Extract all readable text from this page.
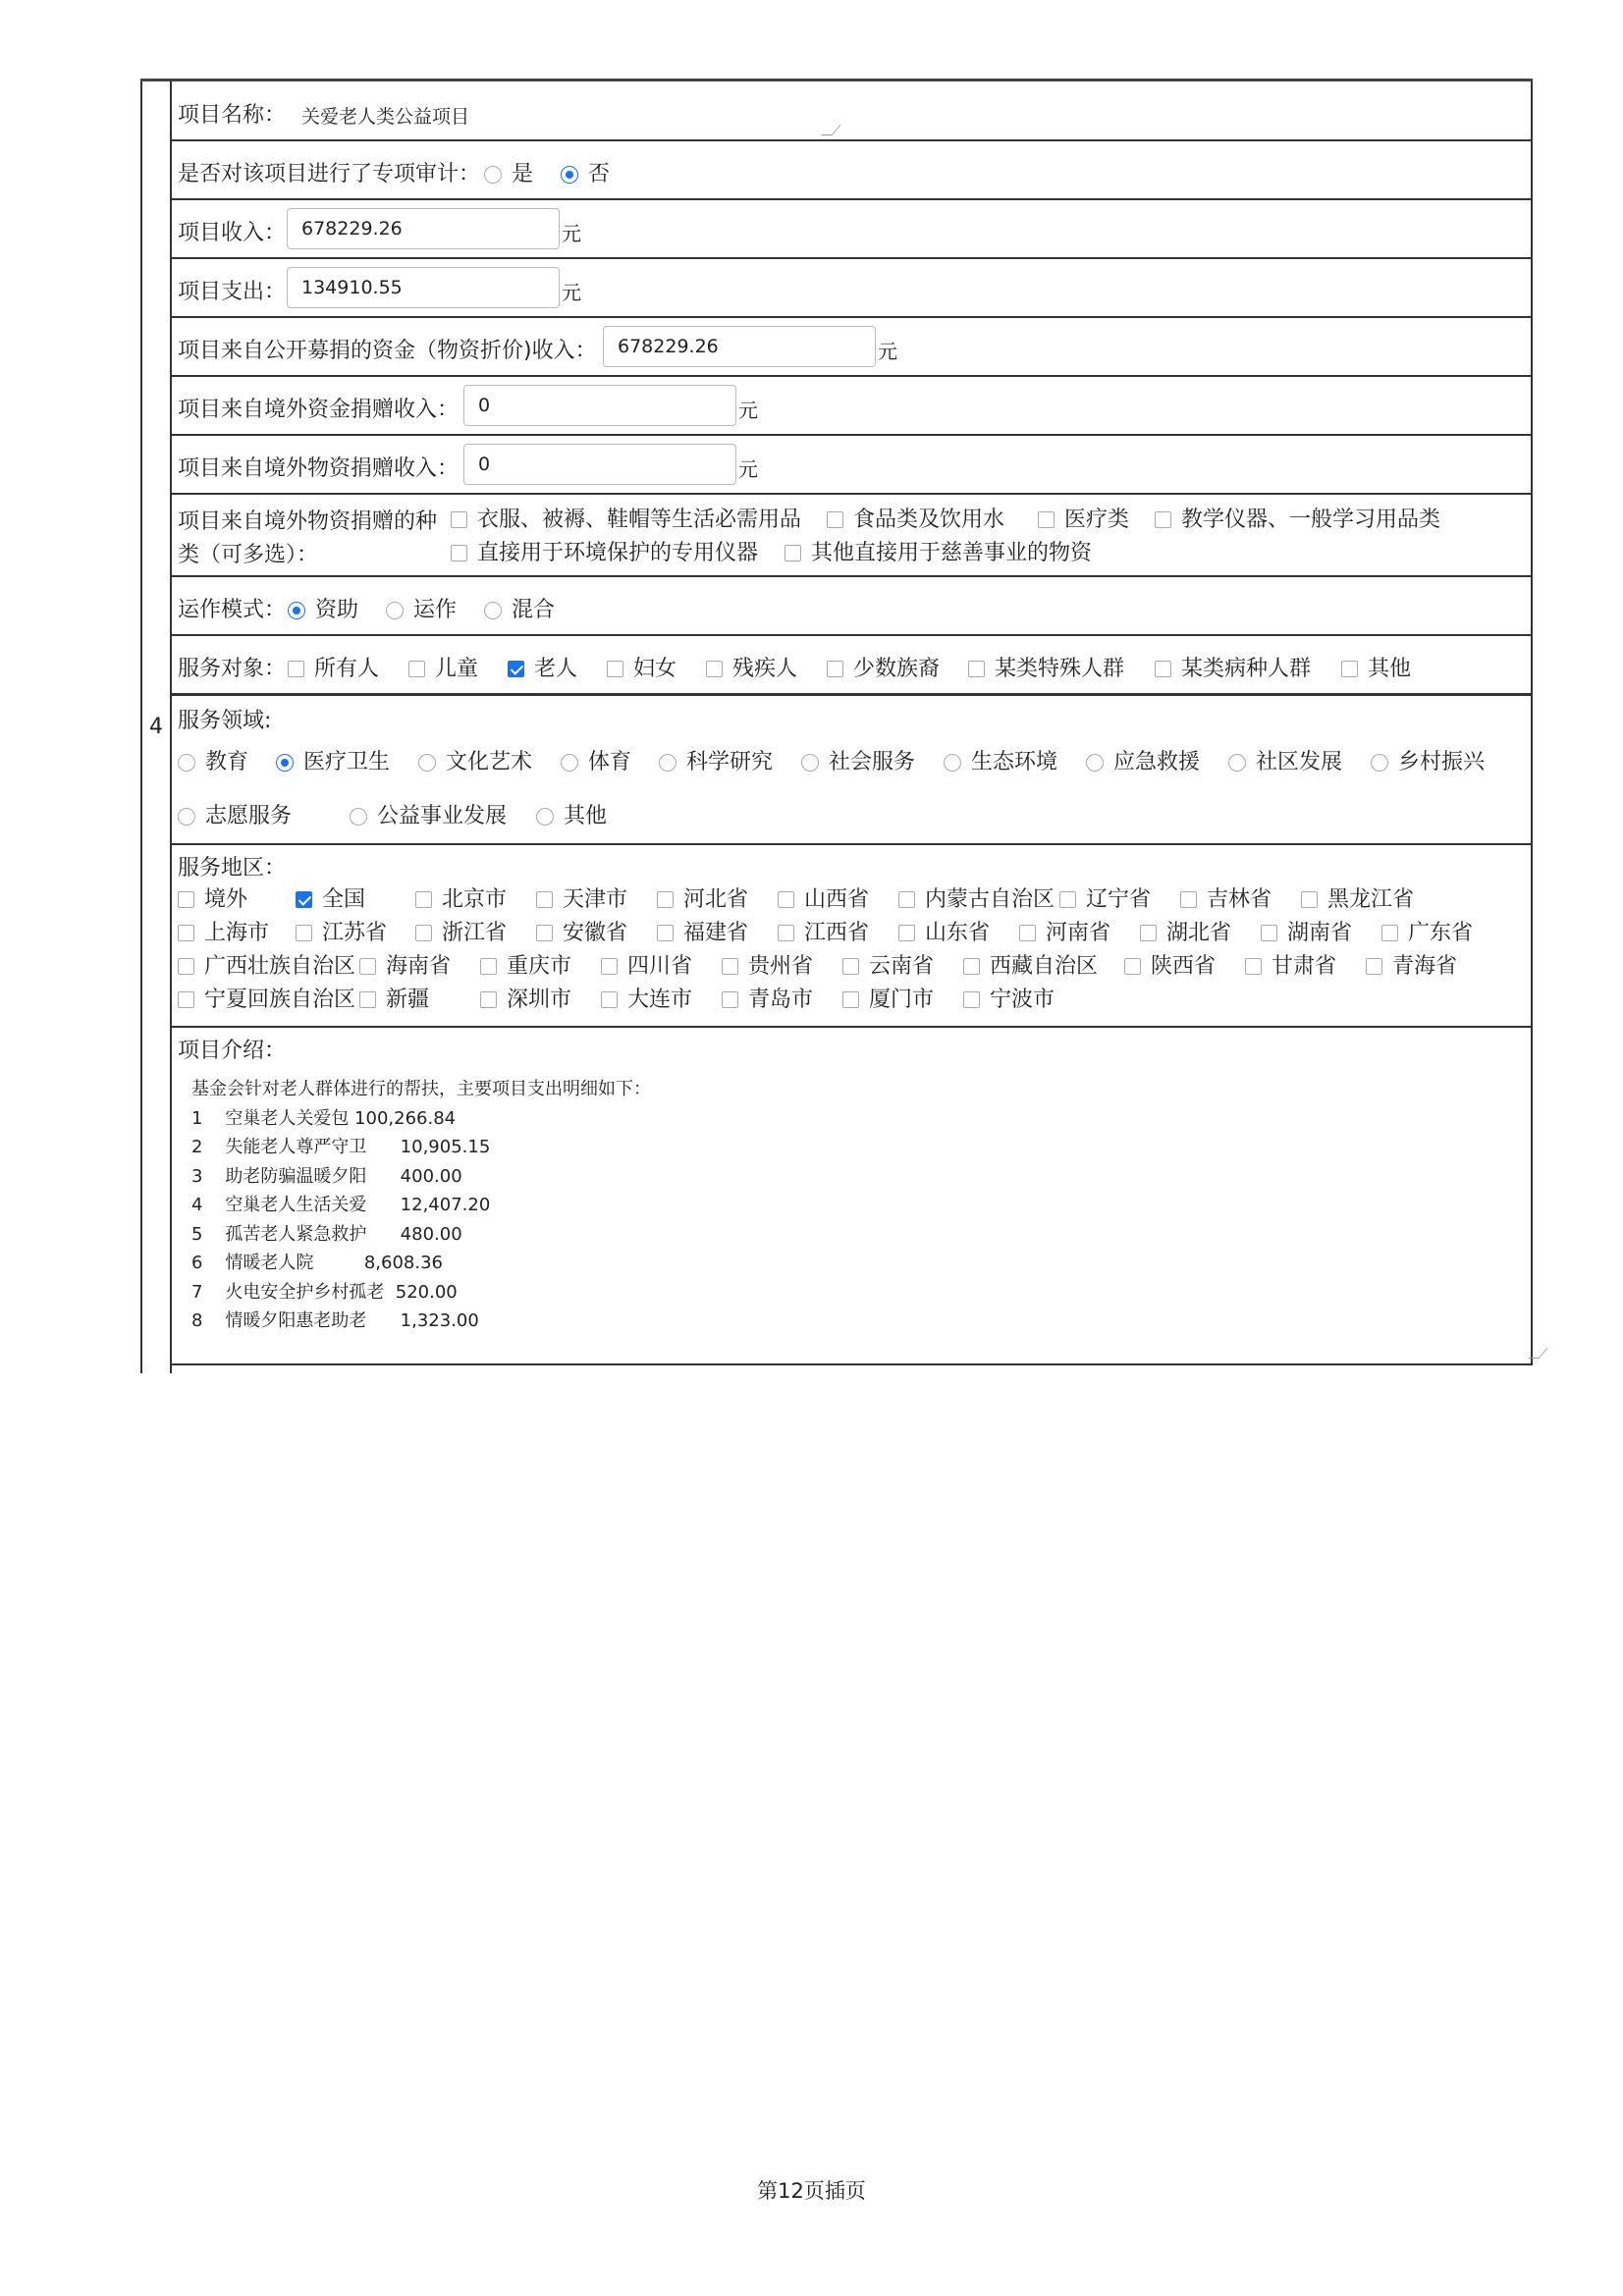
4
项目名称： 关爱老人类公益项目
是否对该项目进行了专项审计：	是	否
项目收入： 678229.26	元
项目支出： 134910.55	元
项目来自公开募捐的资金（物资折价)收入：	678229.26	元
项目来自境外资金捐赠收入：	0	元
项目来自境外物资捐赠收入：	0	元
项目来自境外物资捐赠的种
类（可多选）：
衣服、被褥、鞋帽等生活必需用品	食品类及饮用水	医疗类	教学仪器、一般学习用品类
直接用于环境保护的专用仪器	其他直接用于慈善事业的物资
运作模式：	资助	运作	混合
服务对象：	所有人	儿童	老人	妇女	残疾人	少数族裔	某类特殊人群	某类病种人群	其他
服务领域:
教育	医疗卫生	文化艺术	体育	科学研究	社会服务	生态环境	应急救援	社区发展	乡村振兴
志愿服务	公益事业发展	其他
服务地区：
境外	全国	北京市	天津市	河北省	山西省	内蒙古自治区	辽宁省	吉林省	黑龙江省
上海市	江苏省	浙江省	安徽省	福建省	江西省	山东省	河南省	湖北省	湖南省	广东省
广西壮族自治区	海南省	重庆市	四川省	贵州省	云南省	西藏自治区	陕西省	甘肃省	青海省
宁夏回族自治区	新疆	深圳市	大连市	青岛市	厦门市	宁波市
项目介绍：
基金会针对老人群体进行的帮扶，主要项目支出明细如下：
1    空巢老人关爱包 100,266.84
2    失能老人尊严守卫      10,905.15
3    助老防骗温暖夕阳      400.00
4    空巢老人生活关爱      12,407.20
5    孤苦老人紧急救护      480.00
6    情暖老人院         8,608.36
7    火电安全护乡村孤老  520.00
8    情暖夕阳惠老助老      1,323.00
第12页插页
